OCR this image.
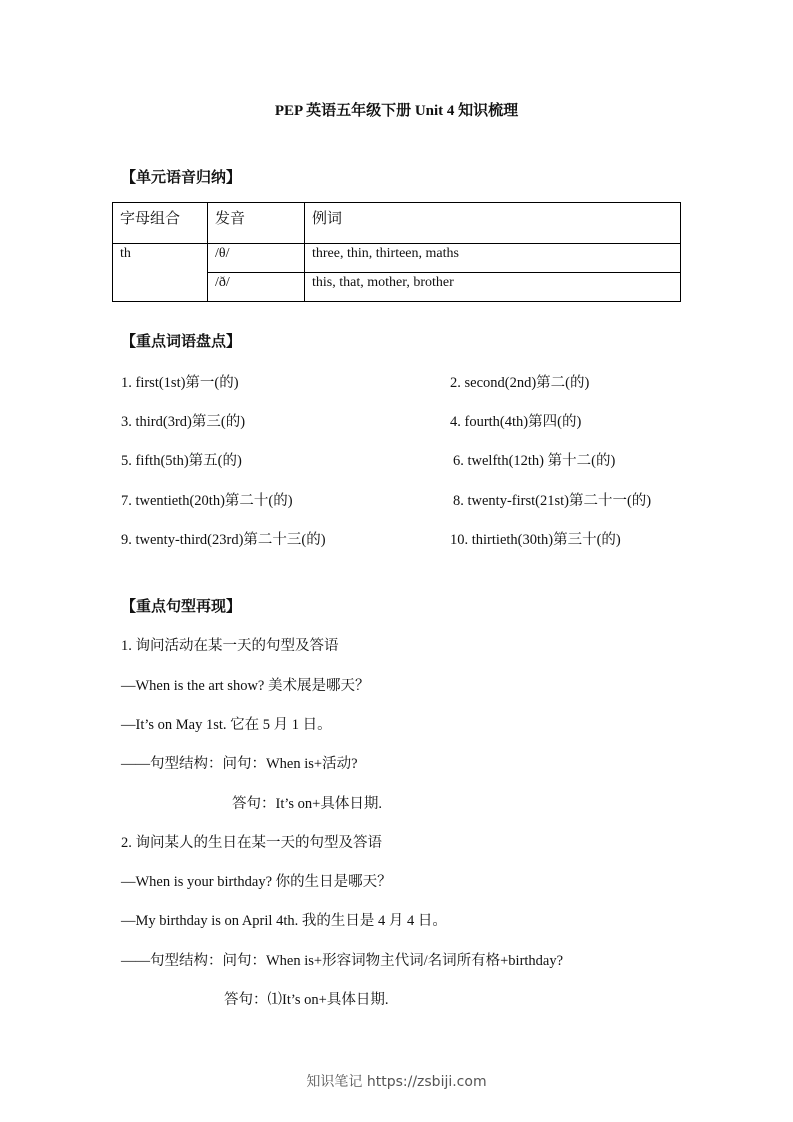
PEP 英语五年级下册 Unit 4 知识梳理
【单元语音归纳】
字母组合	发音	例词
th	/θ/	three, thin, thirteen, maths
	/ð/	this, that, mother, brother
【重点词语盘点】
1. first(1st)第一(的)	2. second(2nd)第二(的)
3. third(3rd)第三(的)	4. fourth(4th)第四(的)
5. fifth(5th)第五(的)	6. twelfth(12th) 第十二(的)
7. twentieth(20th)第二十(的)	8. twenty-first(21st)第二十一(的)
9. twenty-third(23rd)第二十三(的)	10. thirtieth(30th)第三十(的)
【重点句型再现】
1. 询问活动在某一天的句型及答语
—When is the art show? 美术展是哪天？
—It’s on May 1st. 它在 5 月 1 日。
——句型结构：问句：When is+活动?
答句：It’s on+具体日期.
2. 询问某人的生日在某一天的句型及答语
—When is your birthday? 你的生日是哪天？
—My birthday is on April 4th. 我的生日是 4 月 4 日。
——句型结构：问句：When is+形容词物主代词/名词所有格+birthday?
答句：⑴It’s on+具体日期.
知识笔记 https://zsbiji.com
